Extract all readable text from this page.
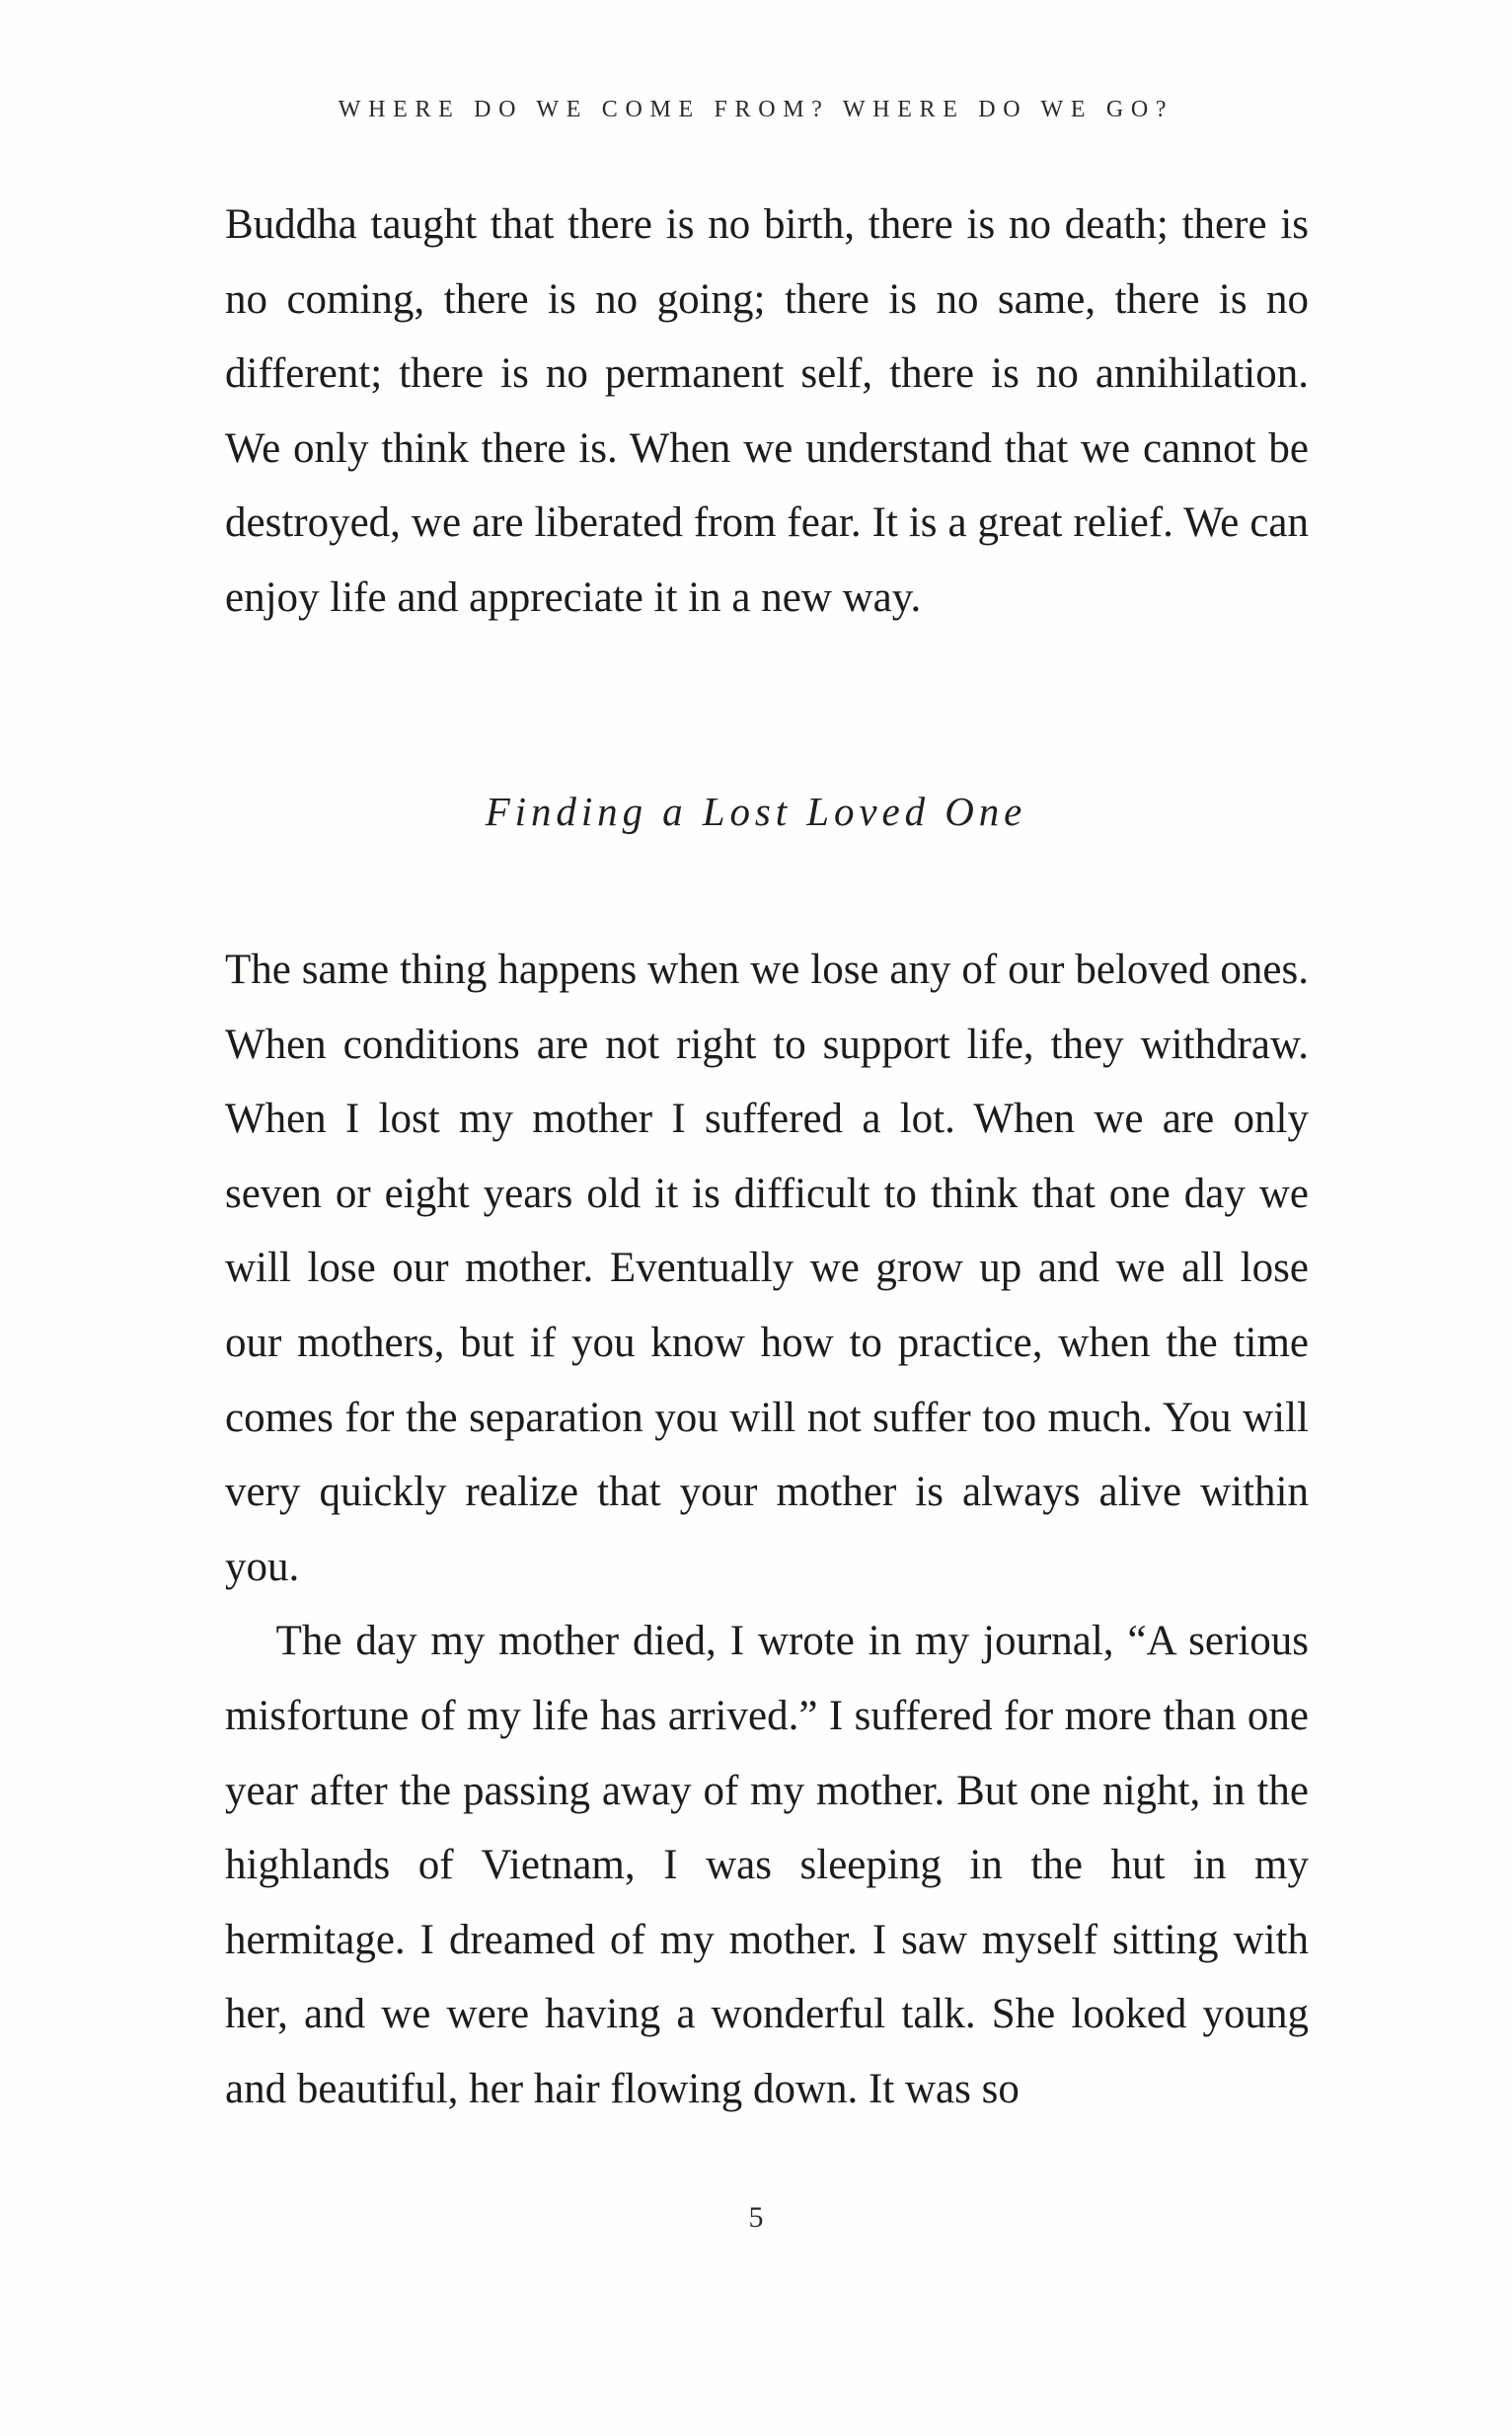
WHERE DO WE COME FROM? WHERE DO WE GO?

Buddha taught that there is no birth, there is no death; there is no coming, there is no going; there is no same, there is no different; there is no permanent self, there is no annihilation. We only think there is. When we understand that we cannot be destroyed, we are liberated from fear. It is a great relief. We can enjoy life and appreciate it in a new way.

Finding a Lost Loved One

The same thing happens when we lose any of our beloved ones. When conditions are not right to support life, they withdraw. When I lost my mother I suffered a lot. When we are only seven or eight years old it is difficult to think that one day we will lose our mother. Eventually we grow up and we all lose our mothers, but if you know how to practice, when the time comes for the separation you will not suffer too much. You will very quickly realize that your mother is always alive within you.

The day my mother died, I wrote in my journal, “A serious misfortune of my life has arrived.” I suffered for more than one year after the passing away of my mother. But one night, in the highlands of Vietnam, I was sleeping in the hut in my hermitage. I dreamed of my mother. I saw myself sitting with her, and we were having a wonderful talk. She looked young and beautiful, her hair flowing down. It was so

5
